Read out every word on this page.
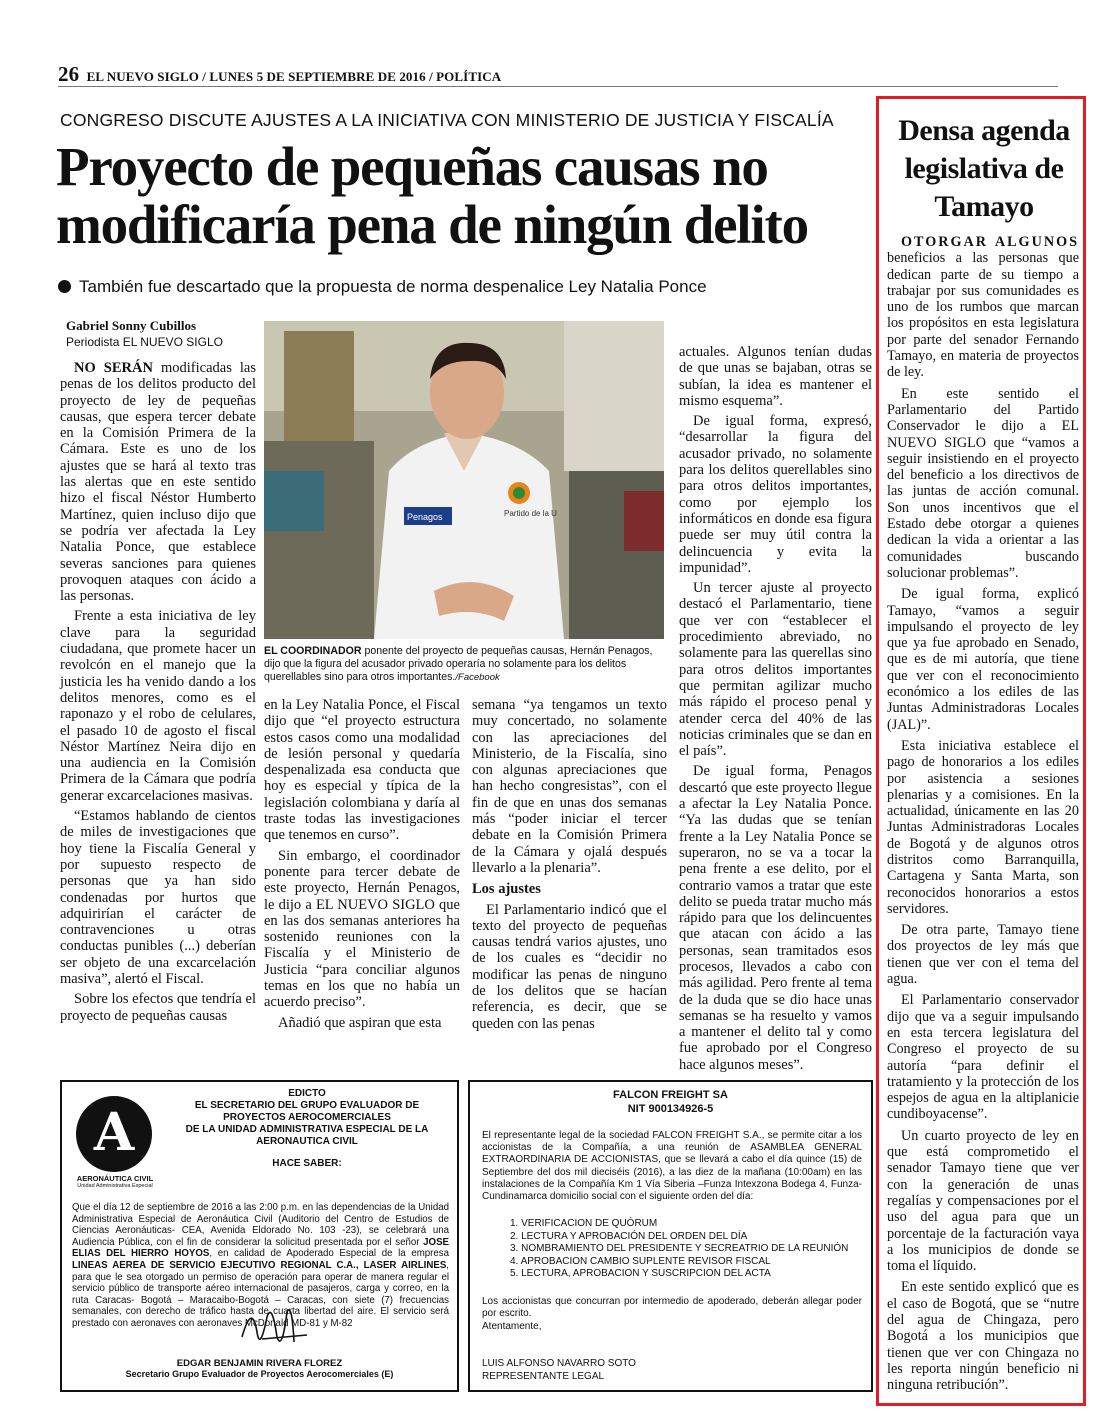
26 EL NUEVO SIGLO / LUNES 5 DE SEPTIEMBRE DE 2016 / POLÍTICA
CONGRESO DISCUTE AJUSTES A LA INICIATIVA CON MINISTERIO DE JUSTICIA Y FISCALÍA
Proyecto de pequeñas causas no modificaría pena de ningún delito
También fue descartado que la propuesta de norma despenalice Ley Natalia Ponce
Gabriel Sonny Cubillos
Periodista EL NUEVO SIGLO

NO SERÁN modificadas las penas de los delitos producto del proyecto de ley de pequeñas causas, que espera tercer debate en la Comisión Primera de la Cámara. Este es uno de los ajustes que se hará al texto tras las alertas que en este sentido hizo el fiscal Néstor Humberto Martínez, quien incluso dijo que se podría ver afectada la Ley Natalia Ponce, que establece severas sanciones para quienes provoquen ataques con ácido a las personas.

Frente a esta iniciativa de ley clave para la seguridad ciudadana, que promete hacer un revolcón en el manejo que la justicia les ha venido dando a los delitos menores, como es el raponazo y el robo de celulares, el pasado 10 de agosto el fiscal Néstor Martínez Neira dijo en una audiencia en la Comisión Primera de la Cámara que podría generar excarcelaciones masivas.

“Estamos hablando de cientos de miles de investigaciones que hoy tiene la Fiscalía General y por supuesto respecto de personas que ya han sido condenadas por hurtos que adquirirían el carácter de contravenciones u otras conductas punibles (...) deberían ser objeto de una excarcelación masiva”, alertó el Fiscal.

Sobre los efectos que tendría el proyecto de pequeñas causas

Penagos	Partido de la U
EL COORDINADOR ponente del proyecto de pequeñas causas, Hernán Penagos, dijo que la figura del acusador privado operaría no solamente para los delitos querellables sino para otros importantes./Facebook

en la Ley Natalia Ponce, el Fiscal dijo que “el proyecto estructura estos casos como una modalidad de lesión personal y quedaría despenalizada esa conducta que hoy es especial y típica de la legislación colombiana y daría al traste todas las investigaciones que tenemos en curso”.

Sin embargo, el coordinador ponente para tercer debate de este proyecto, Hernán Penagos, le dijo a EL NUEVO SIGLO que en las dos semanas anteriores ha sostenido reuniones con la Fiscalía y el Ministerio de Justicia “para conciliar algunos temas en los que no había un acuerdo preciso”.

Añadió que aspiran que esta

semana “ya tengamos un texto muy concertado, no solamente con las apreciaciones del Ministerio, de la Fiscalía, sino con algunas apreciaciones que han hecho congresistas”, con el fin de que en unas dos semanas más “poder iniciar el tercer debate en la Comisión Primera de la Cámara y ojalá después llevarlo a la plenaria”.

Los ajustes

El Parlamentario indicó que el texto del proyecto de pequeñas causas tendrá varios ajustes, uno de los cuales es “decidir no modificar las penas de ninguno de los delitos que se hacían referencia, es decir, que se queden con las penas

actuales. Algunos tenían dudas de que unas se bajaban, otras se subían, la idea es mantener el mismo esquema”.

De igual forma, expresó, “desarrollar la figura del acusador privado, no solamente para los delitos querellables sino para otros delitos importantes, como por ejemplo los informáticos en donde esa figura puede ser muy útil contra la delincuencia y evita la impunidad”.

Un tercer ajuste al proyecto destacó el Parlamentario, tiene que ver con “establecer el procedimiento abreviado, no solamente para las querellas sino para otros delitos importantes que permitan agilizar mucho más rápido el proceso penal y atender cerca del 40% de las noticias criminales que se dan en el país”.

De igual forma, Penagos descartó que este proyecto llegue a afectar la Ley Natalia Ponce. “Ya las dudas que se tenían frente a la Ley Natalia Ponce se superaron, no se va a tocar la pena frente a ese delito, por el contrario vamos a tratar que este delito se pueda tratar mucho más rápido para que los delincuentes que atacan con ácido a las personas, sean tramitados esos procesos, llevados a cabo con más agilidad. Pero frente al tema de la duda que se dio hace unas semanas se ha resuelto y vamos a mantener el delito tal y como fue aprobado por el Congreso hace algunos meses”.

Densa agenda legislativa de Tamayo

OTORGAR ALGUNOS beneficios a las personas que dedican parte de su tiempo a trabajar por sus comunidades es uno de los rumbos que marcan los propósitos en esta legislatura por parte del senador Fernando Tamayo, en materia de proyectos de ley.

En este sentido el Parlamentario del Partido Conservador le dijo a EL NUEVO SIGLO que “vamos a seguir insistiendo en el proyecto del beneficio a los directivos de las juntas de acción comunal. Son unos incentivos que el Estado debe otorgar a quienes dedican la vida a orientar a las comunidades buscando solucionar problemas”.

De igual forma, explicó Tamayo, “vamos a seguir impulsando el proyecto de ley que ya fue aprobado en Senado, que es de mi autoría, que tiene que ver con el reconocimiento económico a los ediles de las Juntas Administradoras Locales (JAL)”.

Esta iniciativa establece el pago de honorarios a los ediles por asistencia a sesiones plenarias y a comisiones. En la actualidad, únicamente en las 20 Juntas Administradoras Locales de Bogotá y de algunos otros distritos como Barranquilla, Cartagena y Santa Marta, son reconocidos honorarios a estos servidores.

De otra parte, Tamayo tiene dos proyectos de ley más que tienen que ver con el tema del agua.

El Parlamentario conservador dijo que va a seguir impulsando en esta tercera legislatura del Congreso el proyecto de su autoría “para definir el tratamiento y la protección de los espejos de agua en la altiplanicie cundiboyacense”.

Un cuarto proyecto de ley en que está comprometido el senador Tamayo tiene que ver con la generación de unas regalías y compensaciones por el uso del agua para que un porcentaje de la facturación vaya a los municipios de donde se toma el líquido.

En este sentido explicó que es el caso de Bogotá, que se “nutre del agua de Chingaza, pero Bogotá a los municipios que tienen que ver con Chingaza no les reporta ningún beneficio ni ninguna retribución”.

A
AERONÁUTICA CIVIL
Unidad Administrativa Especial
EDICTO
EL SECRETARIO DEL GRUPO EVALUADOR DE PROYECTOS AEROCOMERCIALES
DE LA UNIDAD ADMINISTRATIVA ESPECIAL DE LA AERONAUTICA CIVIL
HACE SABER:
Que el día 12 de septiembre de 2016 a las 2:00 p.m. en las dependencias de la Unidad Administrativa Especial de Aeronáutica Civil (Auditorio del Centro de Estudios de Ciencias Aeronáuticas- CEA, Avenida Eldorado No. 103 -23), se celebrará una Audiencia Pública, con el fin de considerar la solicitud presentada por el señor JOSE ELIAS DEL HIERRO HOYOS, en calidad de Apoderado Especial de la empresa LINEAS AEREA DE SERVICIO EJECUTIVO REGIONAL C.A., LASER AIRLINES, para que le sea otorgado un permiso de operación para operar de manera regular el servicio público de transporte aéreo internacional de pasajeros, carga y correo, en la ruta Caracas- Bogotá – Maracaibo-Bogotá – Caracas, con siete (7) frecuencias semanales, con derecho de tráfico hasta de cuarta libertad del aire. El servicio será prestado con aeronaves con aeronaves McDonald MD-81 y M-82
EDGAR BENJAMIN RIVERA FLOREZ
Secretario Grupo Evaluador de Proyectos Aerocomerciales (E)
FALCON FREIGHT SA
NIT 900134926-5
El representante legal de la sociedad FALCON FREIGHT S.A., se permite citar a los accionistas de la Compañía, a una reunión de ASAMBLEA GENERAL EXTRAORDINARIA DE ACCIONISTAS, que se llevará a cabo el día quince (15) de Septiembre del dos mil dieciséis (2016), a las diez de la mañana (10:00am) en las instalaciones de la Compañía Km 1 Vía Siberia –Funza Intexzona Bodega 4, Funza-Cundinamarca domicilio social con el siguiente orden del día:
1. VERIFICACION DE QUÓRUM
2. LECTURA Y APROBACIÓN DEL ORDEN DEL DÍA
3. NOMBRAMIENTO DEL PRESIDENTE Y SECREATRIO DE LA REUNIÓN
4. APROBACION CAMBIO SUPLENTE REVISOR FISCAL
5. LECTURA, APROBACION Y SUSCRIPCION DEL ACTA
Los accionistas que concurran por intermedio de apoderado, deberán allegar poder por escrito.
Atentamente,
LUIS ALFONSO NAVARRO SOTO
REPRESENTANTE LEGAL
